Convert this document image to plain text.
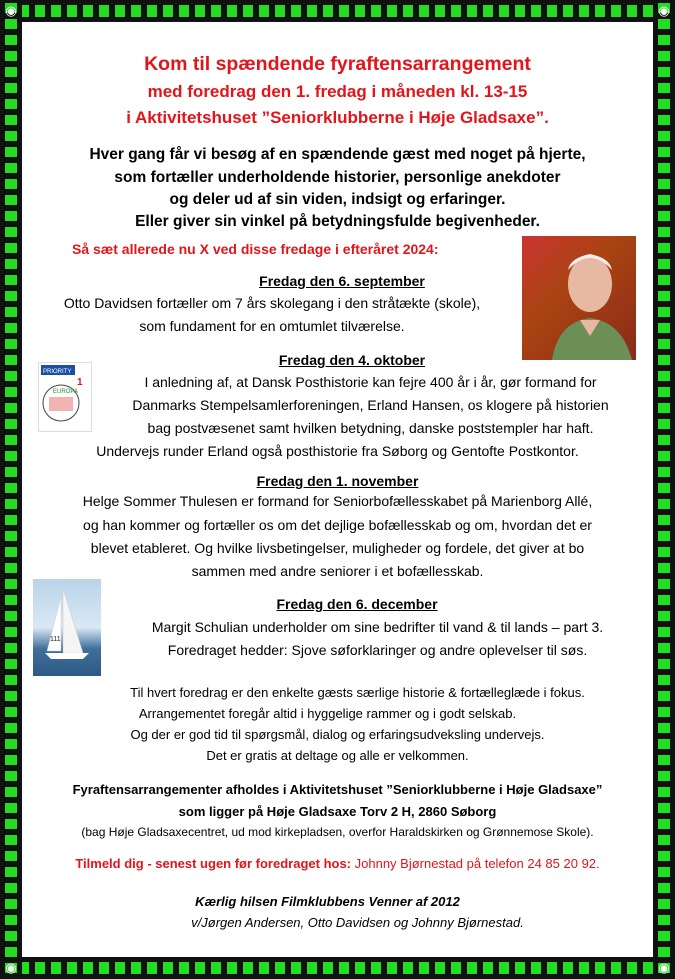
◉	◉
◉	◉
Kom til spændende fyraftensarrangement
med foredrag den 1. fredag i måneden kl. 13-15
i Aktivitetshuset ”Seniorklubberne i Høje Gladsaxe”.
Hver gang får vi besøg af en spændende gæst med noget på hjerte,
som fortæller underholdende historier, personlige anekdoter
og deler ud af sin viden, indsigt og erfaringer.
Eller giver sin vinkel på betydningsfulde begivenheder.
Så sæt allerede nu X ved disse fredage i efteråret 2024:
Fredag den 6. september
Otto Davidsen fortæller om 7 års skolegang i den stråtækte (skole),
som fundament for en omtumlet tilværelse.
PRIORITY
EUROPA
1
Fredag den 4. oktober
I anledning af, at Dansk Posthistorie kan fejre 400 år i år, gør formand for
Danmarks Stempelsamlerforeningen, Erland Hansen, os klogere på historien
bag postvæsenet samt hvilken betydning, danske poststempler har haft.
Undervejs runder Erland også posthistorie fra Søborg og Gentofte Postkontor.
Fredag den 1. november
Helge Sommer Thulesen er formand for Seniorbofællesskabet på Marienborg Allé,
og han kommer og fortæller os om det dejlige bofællesskab og om, hvordan det er
blevet etableret. Og hvilke livsbetingelser, muligheder og fordele, det giver at bo
sammen med andre seniorer i et bofællesskab.
111
Fredag den 6. december
Margit Schulian underholder om sine bedrifter til vand & til lands – part 3.
Foredraget hedder: Sjove søforklaringer og andre oplevelser til søs.
Til hvert foredrag er den enkelte gæsts særlige historie & fortælleglæde i fokus.
Arrangementet foregår altid i hyggelige rammer og i godt selskab.
Og der er god tid til spørgsmål, dialog og erfaringsudveksling undervejs.
Det er gratis at deltage og alle er velkommen.
Fyraftensarrangementer afholdes i Aktivitetshuset ”Seniorklubberne i Høje Gladsaxe”
som ligger på Høje Gladsaxe Torv 2 H, 2860 Søborg
(bag Høje Gladsaxecentret, ud mod kirkepladsen, overfor Haraldskirken og Grønnemose Skole).
Tilmeld dig - senest ugen før foredraget hos: Johnny Bjørnestad på telefon 24 85 20 92.
Kærlig hilsen Filmklubbens Venner af 2012
v/Jørgen Andersen, Otto Davidsen og Johnny Bjørnestad.
